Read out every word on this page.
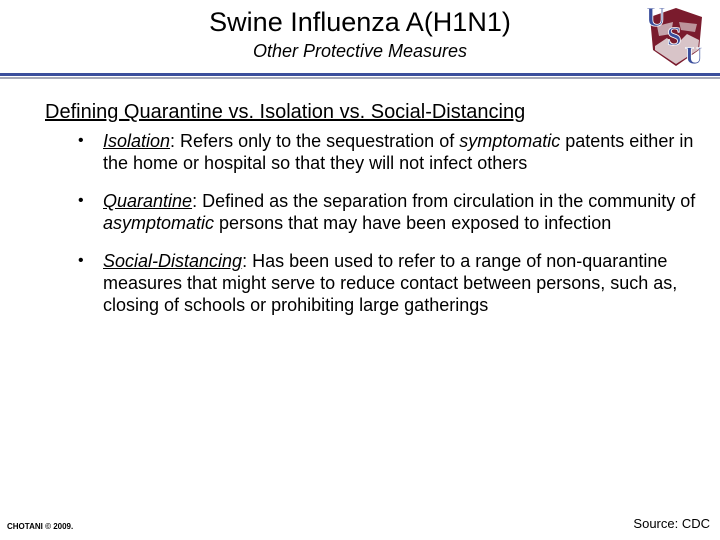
Swine Influenza A(H1N1)
Other Protective Measures
U
S
U
Defining Quarantine vs. Isolation vs. Social-Distancing
• Isolation: Refers only to the sequestration of symptomatic patents either in the home or hospital so that they will not infect others
• Quarantine: Defined as the separation from circulation in the community of asymptomatic persons that may have been exposed to infection
• Social-Distancing: Has been used to refer to a range of non-quarantine measures that might serve to reduce contact between persons, such as, closing of schools or prohibiting large gatherings
CHOTANI © 2009.	Source: CDC
